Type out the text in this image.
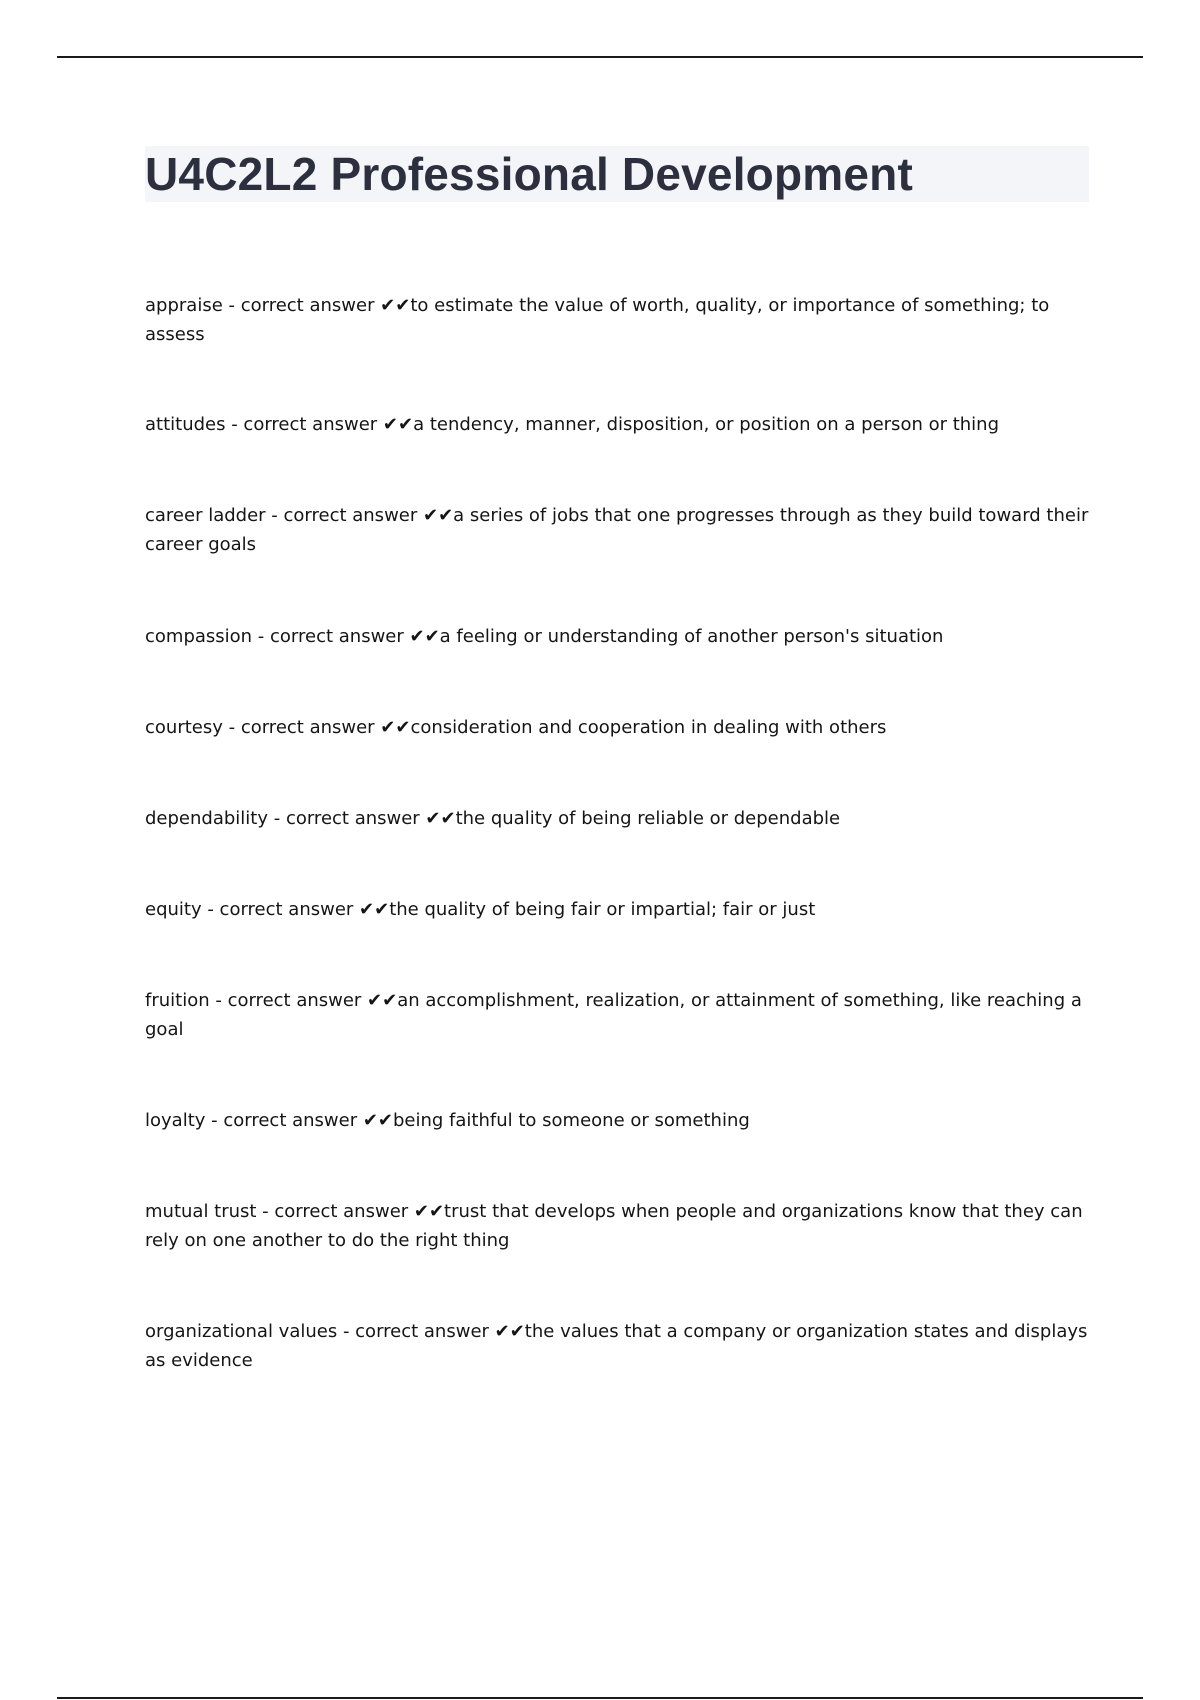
U4C2L2 Professional Development

appraise - correct answer ✔✔to estimate the value of worth, quality, or importance of something; to assess

attitudes - correct answer ✔✔a tendency, manner, disposition, or position on a person or thing

career ladder - correct answer ✔✔a series of jobs that one progresses through as they build toward their career goals

compassion - correct answer ✔✔a feeling or understanding of another person's situation

courtesy - correct answer ✔✔consideration and cooperation in dealing with others

dependability - correct answer ✔✔the quality of being reliable or dependable

equity - correct answer ✔✔the quality of being fair or impartial; fair or just

fruition - correct answer ✔✔an accomplishment, realization, or attainment of something, like reaching a goal

loyalty - correct answer ✔✔being faithful to someone or something

mutual trust - correct answer ✔✔trust that develops when people and organizations know that they can rely on one another to do the right thing

organizational values - correct answer ✔✔the values that a company or organization states and displays as evidence
